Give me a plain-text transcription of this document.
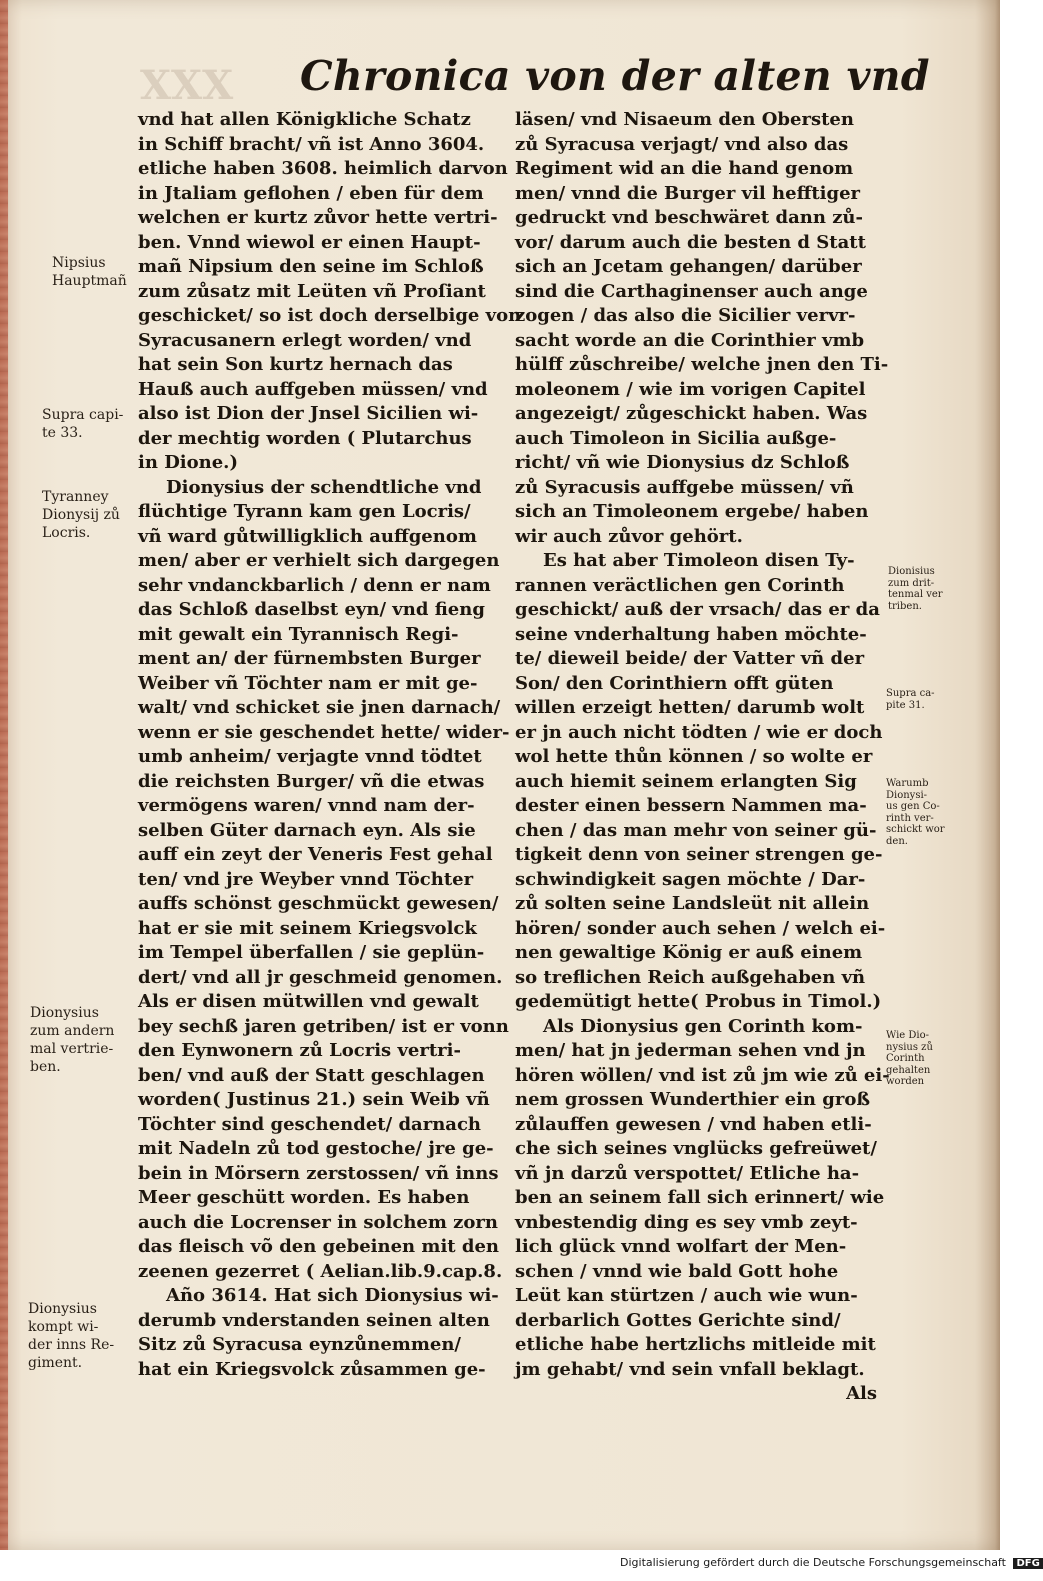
XXX	Chronica von der alten vnd
vnd hat allen Königkliche Schatz
in Schiff bracht/ vñ ist Anno 3604.
etliche haben 3608. heimlich darvon
in Jtaliam geflohen / eben für dem
welchen er kurtz zůvor hette vertri-
ben. Vnnd wiewol er einen Haupt-
mañ Nipsium den seine im Schloß
zum zůsatz mit Leüten vñ Proſiant
geschicket/ so ist doch derselbige von
Syracusanern erlegt worden/ vnd
hat sein Son kurtz hernach das
Hauß auch auffgeben müssen/ vnd
also ist Dion der Jnsel Sicilien wi-
der mechtig worden ( Plutarchus
in Dione.)
Dionysius der schendtliche vnd
flüchtige Tyrann kam gen Locris/
vñ ward gůtwilligklich auffgenom
men/ aber er verhielt sich dargegen
sehr vndanckbarlich / denn er nam
das Schloß daselbst eyn/ vnd fieng
mit gewalt ein Tyrannisch Regi-
ment an/ der fürnembsten Burger
Weiber vñ Töchter nam er mit ge-
walt/ vnd schicket sie jnen darnach/
wenn er sie geschendet hette/ wider-
umb anheim/ verjagte vnnd tödtet
die reichsten Burger/ vñ die etwas
vermögens waren/ vnnd nam der-
selben Güter darnach eyn. Als sie
auff ein zeyt der Veneris Fest gehal
ten/ vnd jre Weyber vnnd Töchter
auffs schönst geschmückt gewesen/
hat er sie mit seinem Kriegsvolck
im Tempel überfallen / sie geplün-
dert/ vnd all jr geschmeid genomen.
Als er disen mütwillen vnd gewalt
bey sechß jaren getriben/ ist er vonn
den Eynwonern zů Locris vertri-
ben/ vnd auß der Statt geschlagen
worden( Justinus 21.) sein Weib vñ
Töchter sind geschendet/ darnach
mit Nadeln zů tod gestoche/ jre ge-
bein in Mörsern zerstossen/ vñ inns
Meer geschütt worden. Es haben
auch die Locrenser in solchem zorn
das fleisch võ den gebeinen mit den
zeenen gezerret ( Aelian.lib.9.cap.8.
Año 3614. Hat sich Dionysius wi-
derumb vnderstanden seinen alten
Sitz zů Syracusa eynzůnemmen/
hat ein Kriegsvolck zůsammen ge-
läsen/ vnd Nisaeum den Obersten
zů Syracusa verjagt/ vnd also das
Regiment wid an die hand genom
men/ vnnd die Burger vil hefftiger
gedruckt vnd beschwäret dann zů-
vor/ darum auch die besten d Statt
sich an Jcetam gehangen/ darüber
sind die Carthaginenser auch ange
zogen / das also die Sicilier vervr-
sacht worde an die Corinthier vmb
hülff zůschreibe/ welche jnen den Ti-
moleonem / wie im vorigen Capitel
angezeigt/ zůgeschickt haben. Was
auch Timoleon in Sicilia außge-
richt/ vñ wie Dionysius dz Schloß
zů Syracusis auffgebe müssen/ vñ
sich an Timoleonem ergebe/ haben
wir auch zůvor gehört.
Es hat aber Timoleon disen Ty-
rannen veräctlichen gen Corinth
geschickt/ auß der vrsach/ das er da
seine vnderhaltung haben möchte-
te/ dieweil beide/ der Vatter vñ der
Son/ den Corinthiern offt güten
willen erzeigt hetten/ darumb wolt
er jn auch nicht tödten / wie er doch
wol hette thůn können / so wolte er
auch hiemit seinem erlangten Sig
dester einen bessern Nammen ma-
chen / das man mehr von seiner gü-
tigkeit denn von seiner strengen ge-
schwindigkeit sagen möchte / Dar-
zů solten seine Landsleüt nit allein
hören/ sonder auch sehen / welch ei-
nen gewaltige König er auß einem
so treflichen Reich außgehaben vñ
gedemütigt hette( Probus in Timol.)
Als Dionysius gen Corinth kom-
men/ hat jn jederman sehen vnd jn
hören wöllen/ vnd ist zů jm wie zů ei-
nem grossen Wunderthier ein groß
zůlauffen gewesen / vnd haben etli-
che sich seines vnglücks gefreüwet/
vñ jn darzů verspottet/ Etliche ha-
ben an seinem fall sich erinnert/ wie
vnbestendig ding es sey vmb zeyt-
lich glück vnnd wolfart der Men-
schen / vnnd wie bald Gott hohe
Leüt kan stürtzen / auch wie wun-
derbarlich Gottes Gerichte sind/
etliche habe hertzlichs mitleide mit
jm gehabt/ vnd sein vnfall beklagt.
Als
Nipsius
Hauptmañ
Supra capi-
te 33.
Tyranney
Dionysij zů
Locris.
Dionysius
zum andern
mal vertrie-
ben.
Dionysius
kompt wi-
der inns Re-
giment.
Dionisius
zum drit-
tenmal ver
triben.
Supra ca-
pite 31.
Warumb
Dionysi-
us gen Co-
rinth ver-
schickt wor
den.
Wie Dio-
nysius zů
Corinth
gehalten
worden
Digitalisierung gefördert durch die Deutsche Forschungsgemeinschaft DFG
